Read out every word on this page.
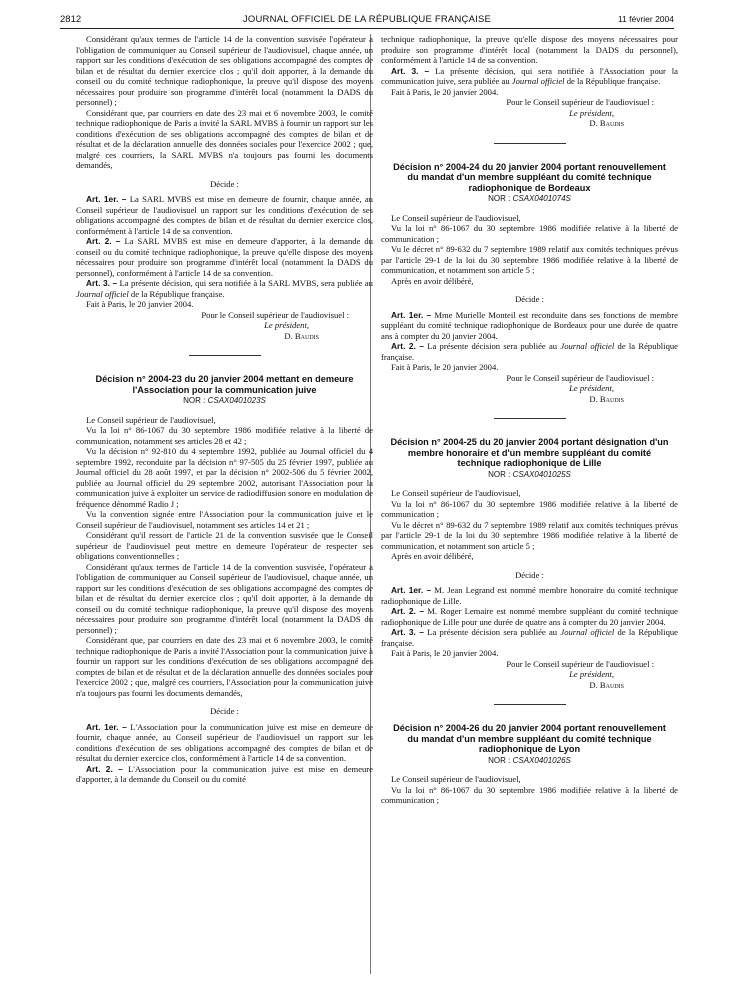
2812	JOURNAL OFFICIEL DE LA RÉPUBLIQUE FRANÇAISE	11 février 2004

Considérant qu'aux termes de l'article 14 de la convention susvisée l'opérateur a l'obligation de communiquer au Conseil supérieur de l'audiovisuel, chaque année, un rapport sur les conditions d'exécution de ses obligations accompagné des comptes de bilan et de résultat du dernier exercice clos ; qu'il doit apporter, à la demande du conseil ou du comité technique radiophonique, la preuve qu'il dispose des moyens nécessaires pour produire son programme d'intérêt local (notamment la DADS du personnel) ;

Considérant que, par courriers en date des 23 mai et 6 novembre 2003, le comité technique radiophonique de Paris a invité la SARL MVBS à fournir un rapport sur les conditions d'exécution de ses obligations accompagné des comptes de bilan et de résultat et de la déclaration annuelle des données sociales pour l'exercice 2002 ; que, malgré ces courriers, la SARL MVBS n'a toujours pas fourni les documents demandés,

Décide :

Art. 1er. – La SARL MVBS est mise en demeure de fournir, chaque année, au Conseil supérieur de l'audiovisuel un rapport sur les conditions d'exécution de ses obligations accompagné des comptes de bilan et de résultat du dernier exercice clos, conformément à l'article 14 de sa convention.

Art. 2. – La SARL MVBS est mise en demeure d'apporter, à la demande du conseil ou du comité technique radiophonique, la preuve qu'elle dispose des moyens nécessaires pour produire son programme d'intérêt local (notamment la DADS du personnel), conformément à l'article 14 de sa convention.

Art. 3. – La présente décision, qui sera notifiée à la SARL MVBS, sera publiée au Journal officiel de la République française.

Fait à Paris, le 20 janvier 2004.

Pour le Conseil supérieur de l'audiovisuel :

Le président,

D. Baudis

Décision n° 2004-23 du 20 janvier 2004 mettant en demeure l'Association pour la communication juive
NOR : CSAX0401023S

Le Conseil supérieur de l'audiovisuel,

Vu la loi n° 86-1067 du 30 septembre 1986 modifiée relative à la liberté de communication, notamment ses articles 28 et 42 ;

Vu la décision n° 92-810 du 4 septembre 1992, publiée au Journal officiel du 4 septembre 1992, reconduite par la décision n° 97-505 du 25 février 1997, publiée au Journal officiel du 28 août 1997, et par la décision n° 2002-506 du 5 février 2002, publiée au Journal officiel du 29 septembre 2002, autorisant l'Association pour la communication juive à exploiter un service de radiodiffusion sonore en modulation de fréquence dénommé Radio J ;

Vu la convention signée entre l'Association pour la communication juive et le Conseil supérieur de l'audiovisuel, notamment ses articles 14 et 21 ;

Considérant qu'il ressort de l'article 21 de la convention susvisée que le Conseil supérieur de l'audiovisuel peut mettre en demeure l'opérateur de respecter ses obligations conventionnelles ;

Considérant qu'aux termes de l'article 14 de la convention susvisée, l'opérateur a l'obligation de communiquer au Conseil supérieur de l'audiovisuel, chaque année, un rapport sur les conditions d'exécution de ses obligations accompagné des comptes de bilan et de résultat du dernier exercice clos ; qu'il doit apporter, à la demande du conseil ou du comité technique radiophonique, la preuve qu'il dispose des moyens nécessaires pour produire son programme d'intérêt local (notamment la DADS du personnel) ;

Considérant que, par courriers en date des 23 mai et 6 novembre 2003, le comité technique radiophonique de Paris a invité l'Association pour la communication juive à fournir un rapport sur les conditions d'exécution de ses obligations accompagné des comptes de bilan et de résultat et de la déclaration annuelle des données sociales pour l'exercice 2002 ; que, malgré ces courriers, l'Association pour la communication juive n'a toujours pas fourni les documents demandés,

Décide :

Art. 1er. – L'Association pour la communication juive est mise en demeure de fournir, chaque année, au Conseil supérieur de l'audiovisuel un rapport sur les conditions d'exécution de ses obligations accompagné des comptes de bilan et de résultat du dernier exercice clos, conformément à l'article 14 de sa convention.

Art. 2. – L'Association pour la communication juive est mise en demeure d'apporter, à la demande du Conseil ou du comité

technique radiophonique, la preuve qu'elle dispose des moyens nécessaires pour produire son programme d'intérêt local (notamment la DADS du personnel), conformément à l'article 14 de sa convention.

Art. 3. – La présente décision, qui sera notifiée à l'Association pour la communication juive, sera publiée au Journal officiel de la République française.

Fait à Paris, le 20 janvier 2004.

Pour le Conseil supérieur de l'audiovisuel :

Le président,

D. Baudis

Décision n° 2004-24 du 20 janvier 2004 portant renouvellement du mandat d'un membre suppléant du comité technique radiophonique de Bordeaux
NOR : CSAX0401074S

Le Conseil supérieur de l'audiovisuel,

Vu la loi n° 86-1067 du 30 septembre 1986 modifiée relative à la liberté de communication ;

Vu le décret n° 89-632 du 7 septembre 1989 relatif aux comités techniques prévus par l'article 29-1 de la loi du 30 septembre 1986 modifiée relative à la liberté de communication, et notamment son article 5 ;

Après en avoir délibéré,

Décide :

Art. 1er. – Mme Murielle Monteil est reconduite dans ses fonctions de membre suppléant du comité technique radiophonique de Bordeaux pour une durée de quatre ans à compter du 20 janvier 2004.

Art. 2. – La présente décision sera publiée au Journal officiel de la République française.

Fait à Paris, le 20 janvier 2004.

Pour le Conseil supérieur de l'audiovisuel :

Le président,

D. Baudis

Décision n° 2004-25 du 20 janvier 2004 portant désignation d'un membre honoraire et d'un membre suppléant du comité technique radiophonique de Lille
NOR : CSAX0401025S

Le Conseil supérieur de l'audiovisuel,

Vu la loi n° 86-1067 du 30 septembre 1986 modifiée relative à la liberté de communication ;

Vu le décret n° 89-632 du 7 septembre 1989 relatif aux comités techniques prévus par l'article 29-1 de la loi du 30 septembre 1986 modifiée relative à la liberté de communication, et notamment son article 5 ;

Après en avoir délibéré,

Décide :

Art. 1er. – M. Jean Legrand est nommé membre honoraire du comité technique radiophonique de Lille.

Art. 2. – M. Roger Lemaire est nommé membre suppléant du comité technique radiophonique de Lille pour une durée de quatre ans à compter du 20 janvier 2004.

Art. 3. – La présente décision sera publiée au Journal officiel de la République française.

Fait à Paris, le 20 janvier 2004.

Pour le Conseil supérieur de l'audiovisuel :

Le président,

D. Baudis

Décision n° 2004-26 du 20 janvier 2004 portant renouvellement du mandat d'un membre suppléant du comité technique radiophonique de Lyon
NOR : CSAX0401026S

Le Conseil supérieur de l'audiovisuel,

Vu la loi n° 86-1067 du 30 septembre 1986 modifiée relative à la liberté de communication ;
